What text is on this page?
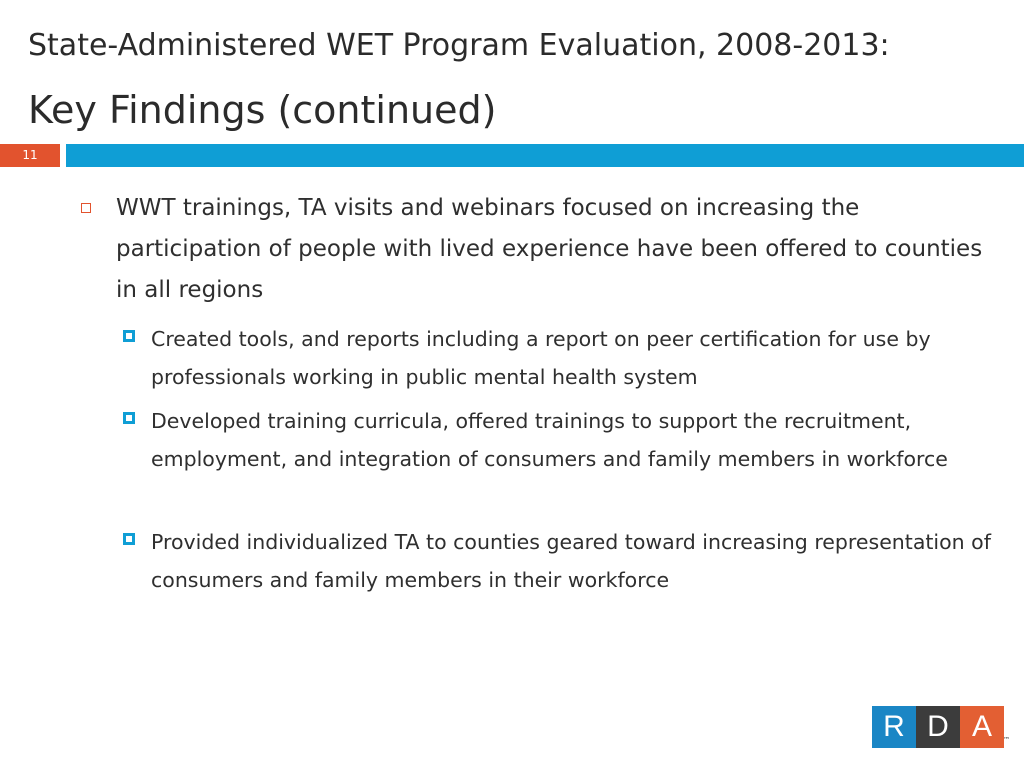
State-Administered WET Program Evaluation, 2008-2013:
Key Findings (continued)
11
WWT trainings, TA visits and webinars focused on increasing the participation of people with lived experience have been offered to counties in all regions
Created tools, and reports including a report on peer certification for use by professionals working in public mental health system
Developed training curricula, offered trainings to support the recruitment, employment, and integration of consumers and family members in workforce
Provided individualized TA to counties geared toward increasing representation of consumers and family members in their workforce
R D A	™
